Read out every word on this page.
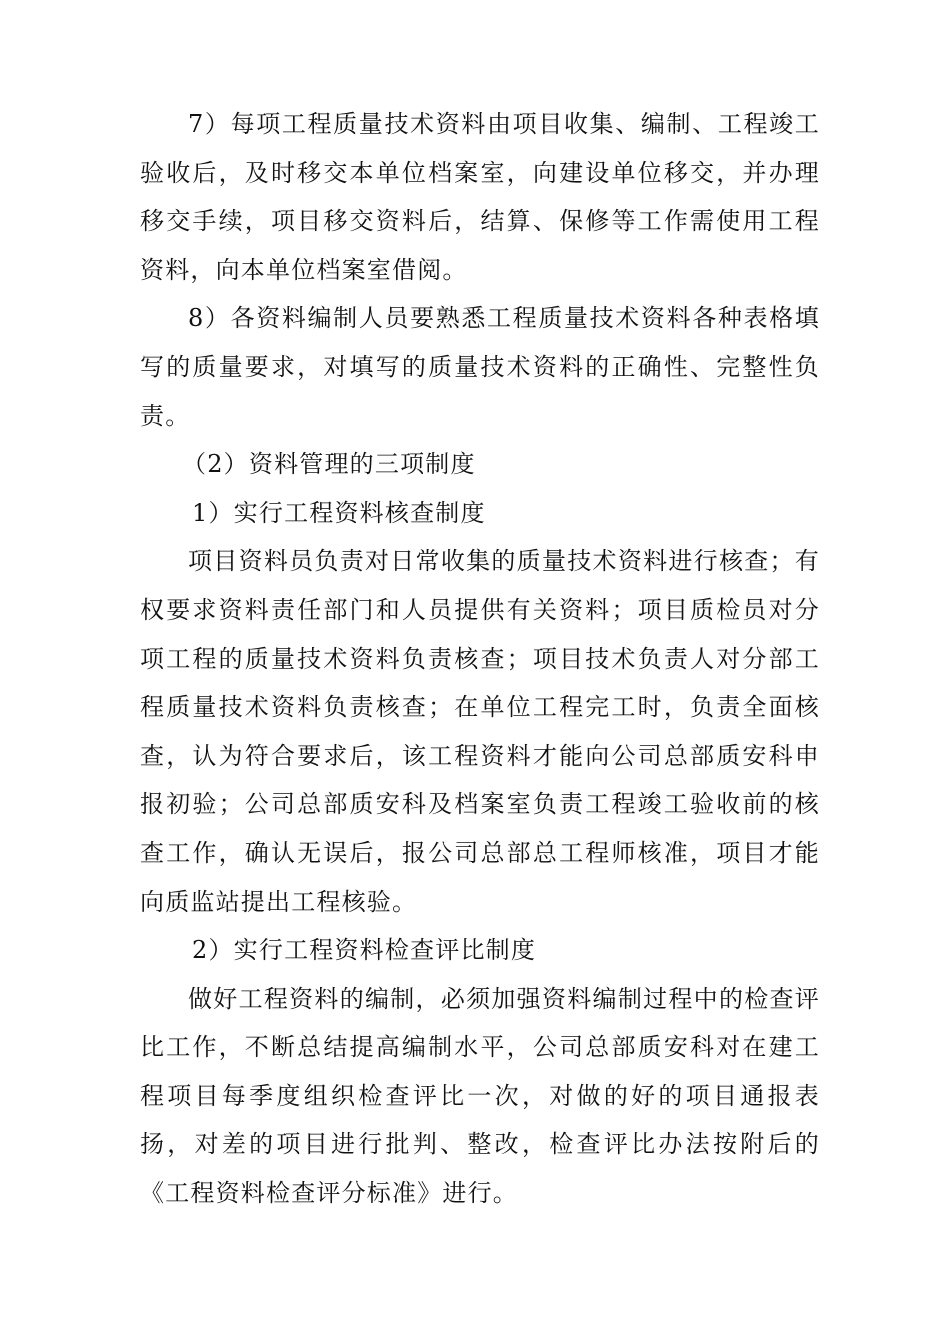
7）每项工程质量技术资料由项目收集、编制、工程竣工验收后，及时移交本单位档案室，向建设单位移交，并办理移交手续，项目移交资料后，结算、保修等工作需使用工程资料，向本单位档案室借阅。

8）各资料编制人员要熟悉工程质量技术资料各种表格填写的质量要求，对填写的质量技术资料的正确性、完整性负责。

（2）资料管理的三项制度

1）实行工程资料核查制度

项目资料员负责对日常收集的质量技术资料进行核查；有权要求资料责任部门和人员提供有关资料；项目质检员对分项工程的质量技术资料负责核查；项目技术负责人对分部工程质量技术资料负责核查；在单位工程完工时，负责全面核查，认为符合要求后，该工程资料才能向公司总部质安科申报初验；公司总部质安科及档案室负责工程竣工验收前的核查工作，确认无误后，报公司总部总工程师核准，项目才能向质监站提出工程核验。

2）实行工程资料检查评比制度

做好工程资料的编制，必须加强资料编制过程中的检查评比工作，不断总结提高编制水平，公司总部质安科对在建工程项目每季度组织检查评比一次，对做的好的项目通报表扬，对差的项目进行批判、整改，检查评比办法按附后的《工程资料检查评分标准》进行。
